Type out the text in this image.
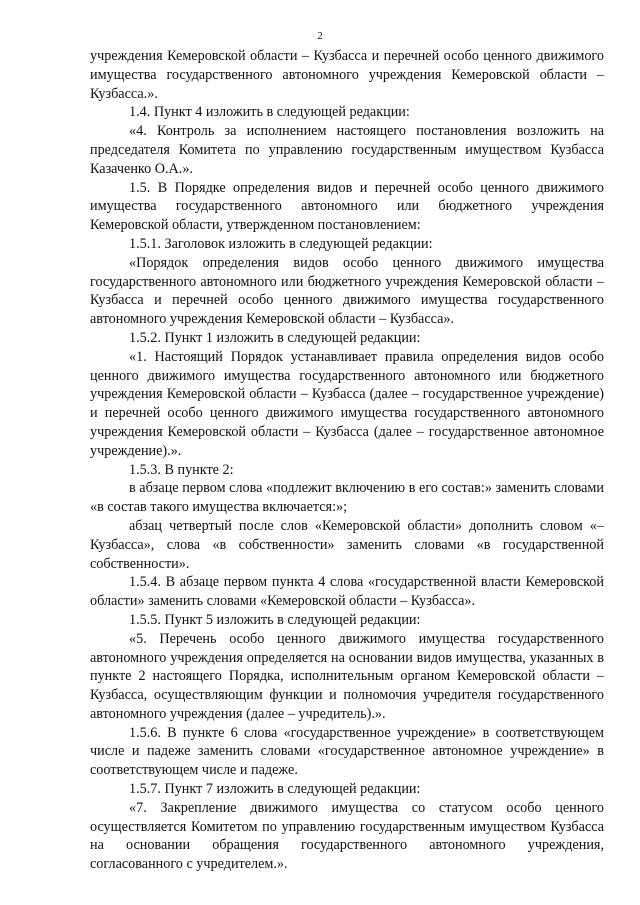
2

учреждения Кемеровской области – Кузбасса и перечней особо ценного движимого имущества государственного автономного учреждения Кемеровской области – Кузбасса.».

1.4. Пункт 4 изложить в следующей редакции:

«4. Контроль за исполнением настоящего постановления возложить на председателя Комитета по управлению государственным имуществом Кузбасса Казаченко О.А.».

1.5. В Порядке определения видов и перечней особо ценного движимого имущества государственного автономного или бюджетного учреждения Кемеровской области, утвержденном постановлением:

1.5.1. Заголовок изложить в следующей редакции:

«Порядок определения видов особо ценного движимого имущества государственного автономного или бюджетного учреждения Кемеровской области – Кузбасса и перечней особо ценного движимого имущества государственного автономного учреждения Кемеровской области – Кузбасса».

1.5.2. Пункт 1 изложить в следующей редакции:

«1. Настоящий Порядок устанавливает правила определения видов особо ценного движимого имущества государственного автономного или бюджетного учреждения Кемеровской области – Кузбасса (далее – государственное учреждение) и перечней особо ценного движимого имущества государственного автономного учреждения Кемеровской области – Кузбасса (далее – государственное автономное учреждение).».

1.5.3. В пункте 2:

в абзаце первом слова «подлежит включению в его состав:» заменить словами «в состав такого имущества включается:»;

абзац четвертый после слов «Кемеровской области» дополнить словом «– Кузбасса», слова «в собственности» заменить словами «в государственной собственности».

1.5.4. В абзаце первом пункта 4 слова «государственной власти Кемеровской области» заменить словами «Кемеровской области – Кузбасса».

1.5.5. Пункт 5 изложить в следующей редакции:

«5. Перечень особо ценного движимого имущества государственного автономного учреждения определяется на основании видов имущества, указанных в пункте 2 настоящего Порядка, исполнительным органом Кемеровской области – Кузбасса, осуществляющим функции и полномочия учредителя государственного автономного учреждения (далее – учредитель).».

1.5.6. В пункте 6 слова «государственное учреждение» в соответствующем числе и падеже заменить словами «государственное автономное учреждение» в соответствующем числе и падеже.

1.5.7. Пункт 7 изложить в следующей редакции:

«7. Закрепление движимого имущества со статусом особо ценного осуществляется Комитетом по управлению государственным имуществом Кузбасса на основании обращения государственного автономного учреждения, согласованного с учредителем.».
